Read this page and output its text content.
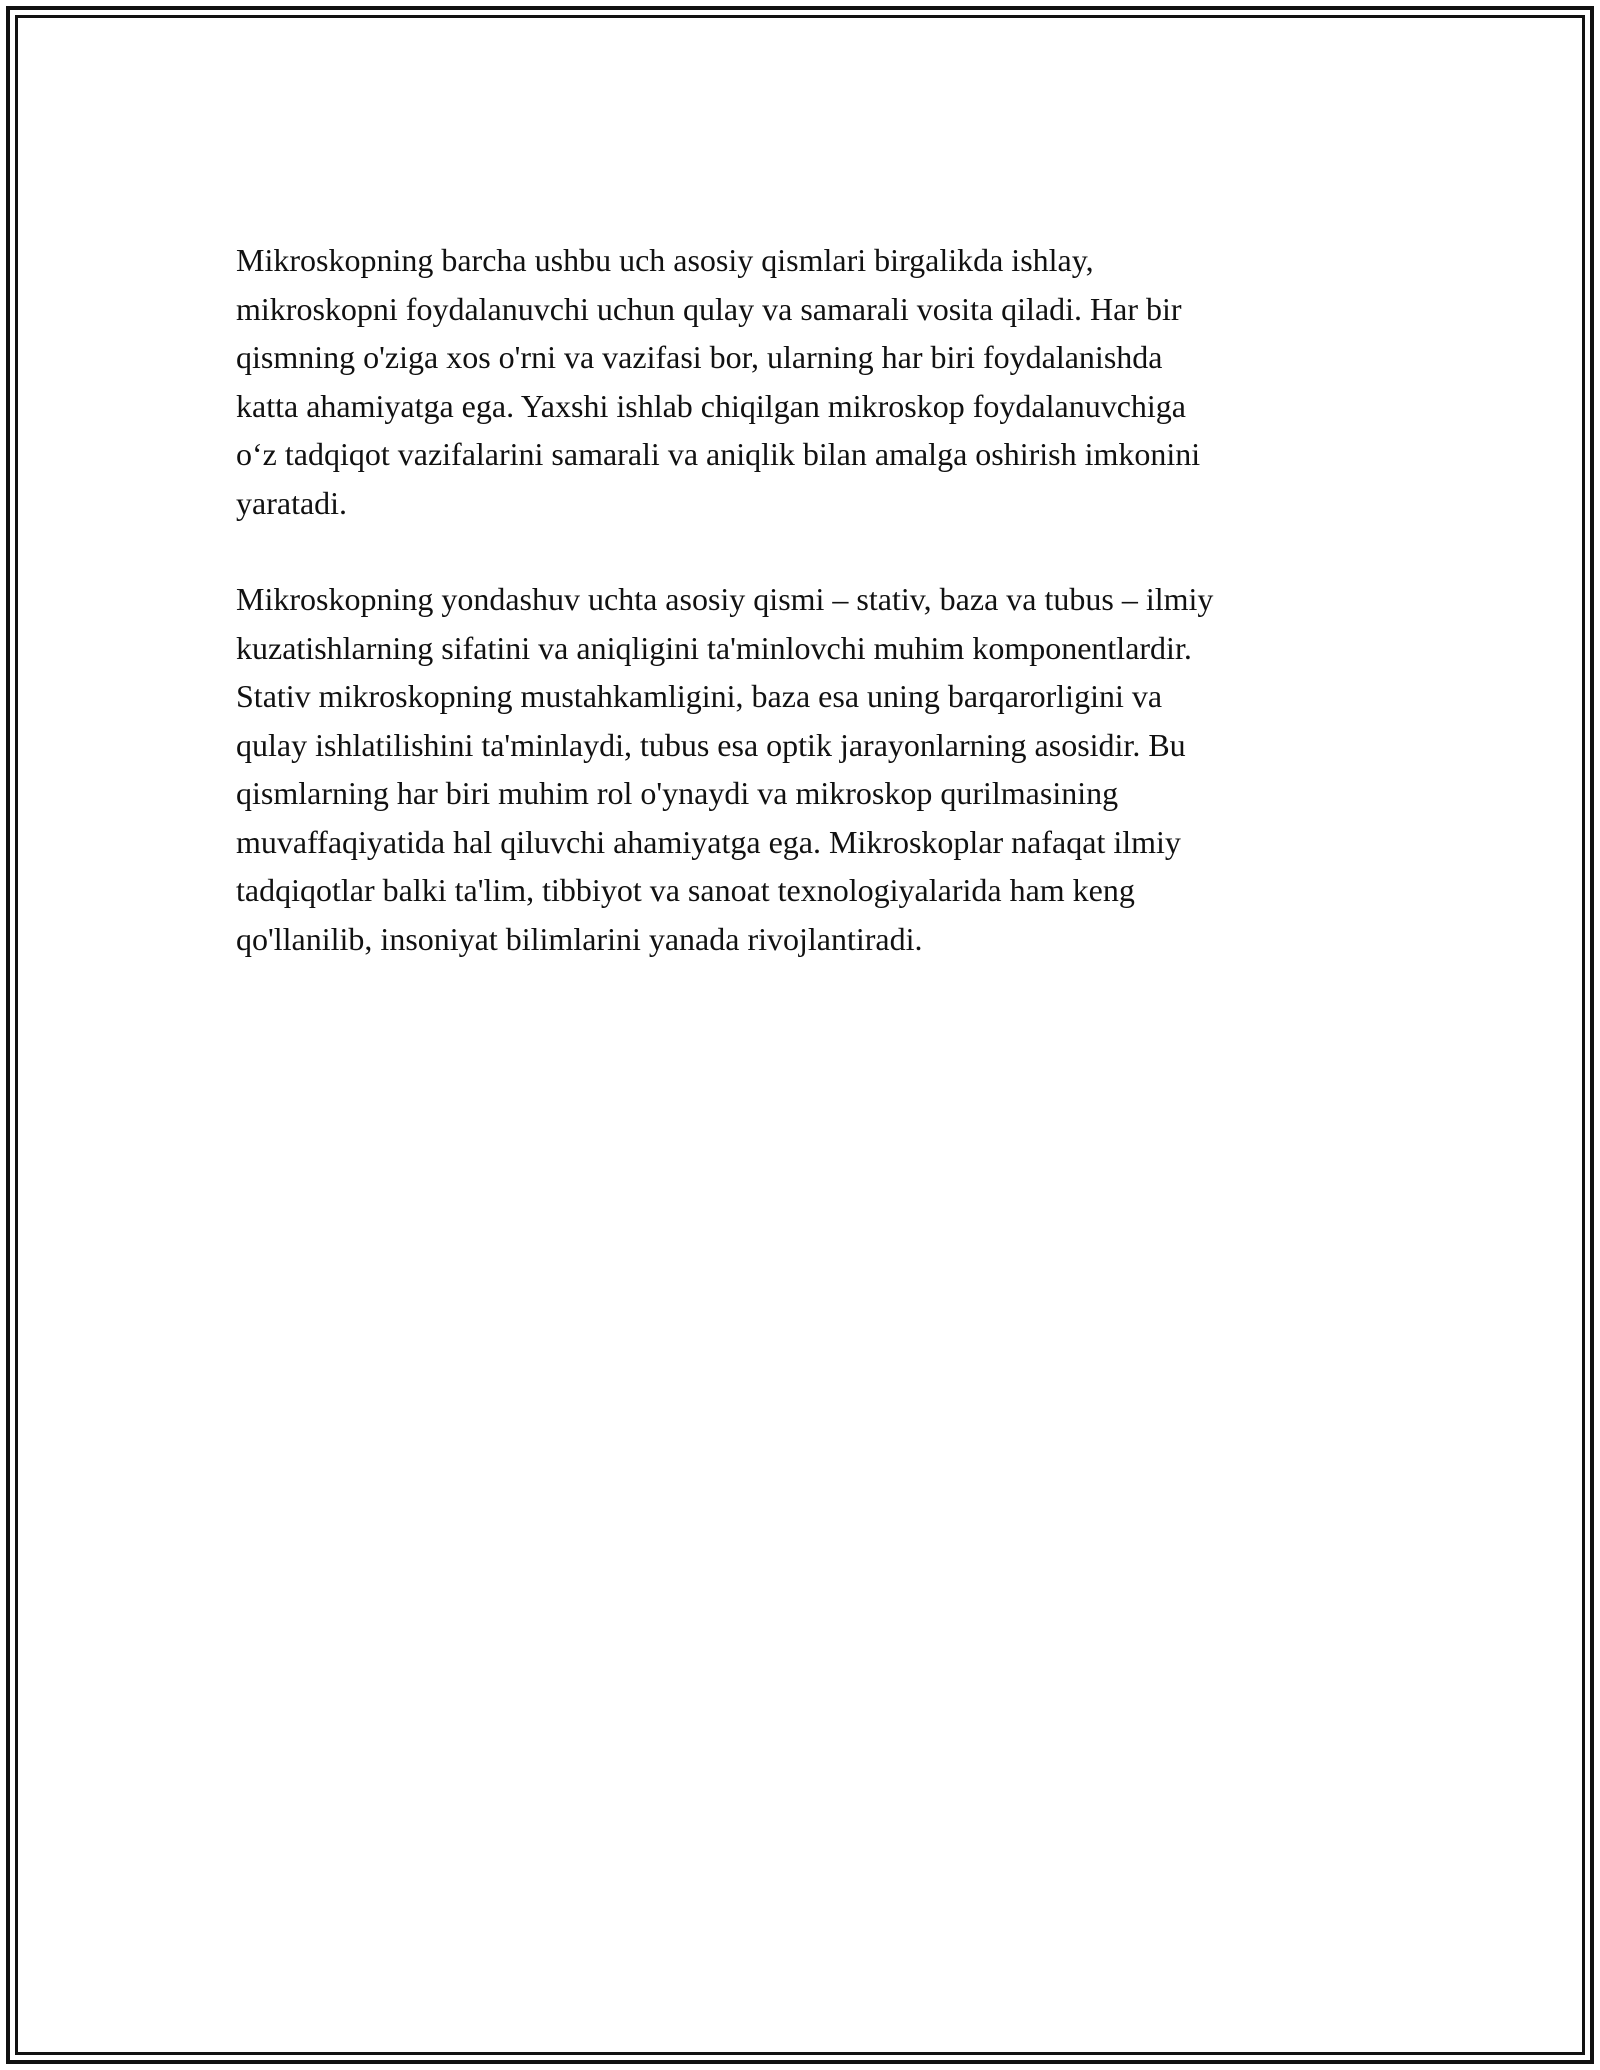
Mikroskopning barcha ushbu uch asosiy qismlari birgalikda ishlay,
mikroskopni foydalanuvchi uchun qulay va samarali vosita qiladi. Har bir
qismning o'ziga xos o'rni va vazifasi bor, ularning har biri foydalanishda
katta ahamiyatga ega. Yaxshi ishlab chiqilgan mikroskop foydalanuvchiga
o‘z tadqiqot vazifalarini samarali va aniqlik bilan amalga oshirish imkonini
yaratadi.

Mikroskopning yondashuv uchta asosiy qismi – stativ, baza va tubus – ilmiy
kuzatishlarning sifatini va aniqligini ta'minlovchi muhim komponentlardir.
Stativ mikroskopning mustahkamligini, baza esa uning barqarorligini va
qulay ishlatilishini ta'minlaydi, tubus esa optik jarayonlarning asosidir. Bu
qismlarning har biri muhim rol o'ynaydi va mikroskop qurilmasining
muvaffaqiyatida hal qiluvchi ahamiyatga ega. Mikroskoplar nafaqat ilmiy
tadqiqotlar balki ta'lim, tibbiyot va sanoat texnologiyalarida ham keng
qo'llanilib, insoniyat bilimlarini yanada rivojlantiradi.
